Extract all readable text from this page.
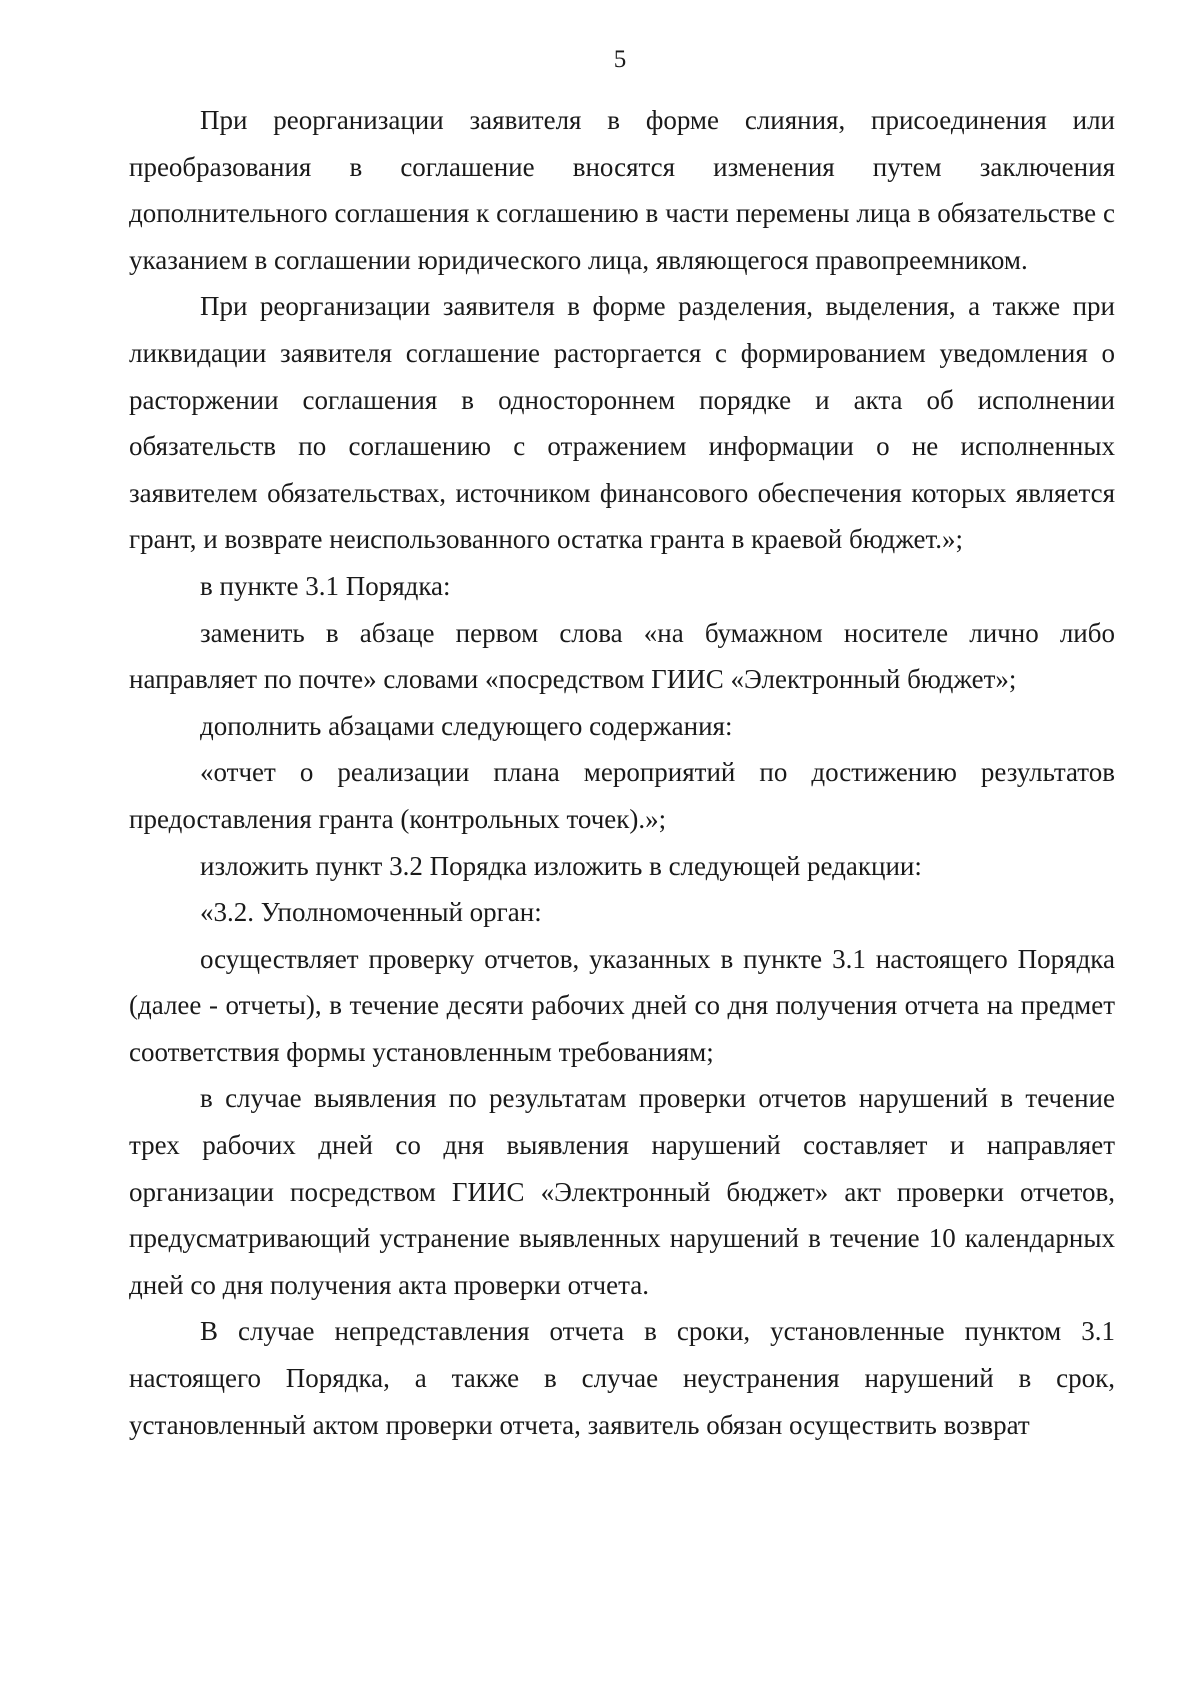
5

При реорганизации заявителя в форме слияния, присоединения или преобразования в соглашение вносятся изменения путем заключения дополнительного соглашения к соглашению в части перемены лица в обязательстве с указанием в соглашении юридического лица, являющегося правопреемником.

При реорганизации заявителя в форме разделения, выделения, а также при ликвидации заявителя соглашение расторгается с формированием уведомления о расторжении соглашения в одностороннем порядке и акта об исполнении обязательств по соглашению с отражением информации о не исполненных заявителем обязательствах, источником финансового обеспечения которых является грант, и возврате неиспользованного остатка гранта в краевой бюджет.»;

в пункте 3.1 Порядка:

заменить в абзаце первом слова «на бумажном носителе лично либо направляет по почте» словами «посредством ГИИС «Электронный бюджет»;

дополнить абзацами следующего содержания:

«отчет о реализации плана мероприятий по достижению результатов предоставления гранта (контрольных точек).»;

изложить пункт 3.2 Порядка изложить в следующей редакции:

«3.2. Уполномоченный орган:

осуществляет проверку отчетов, указанных в пункте 3.1 настоящего Порядка (далее - отчеты), в течение десяти рабочих дней со дня получения отчета на предмет соответствия формы установленным требованиям;

в случае выявления по результатам проверки отчетов нарушений в течение трех рабочих дней со дня выявления нарушений составляет и направляет организации посредством ГИИС «Электронный бюджет» акт проверки отчетов, предусматривающий устранение выявленных нарушений в течение 10 календарных дней со дня получения акта проверки отчета.

В случае непредставления отчета в сроки, установленные пунктом 3.1 настоящего Порядка, а также в случае неустранения нарушений в срок, установленный актом проверки отчета, заявитель обязан осуществить возврат
